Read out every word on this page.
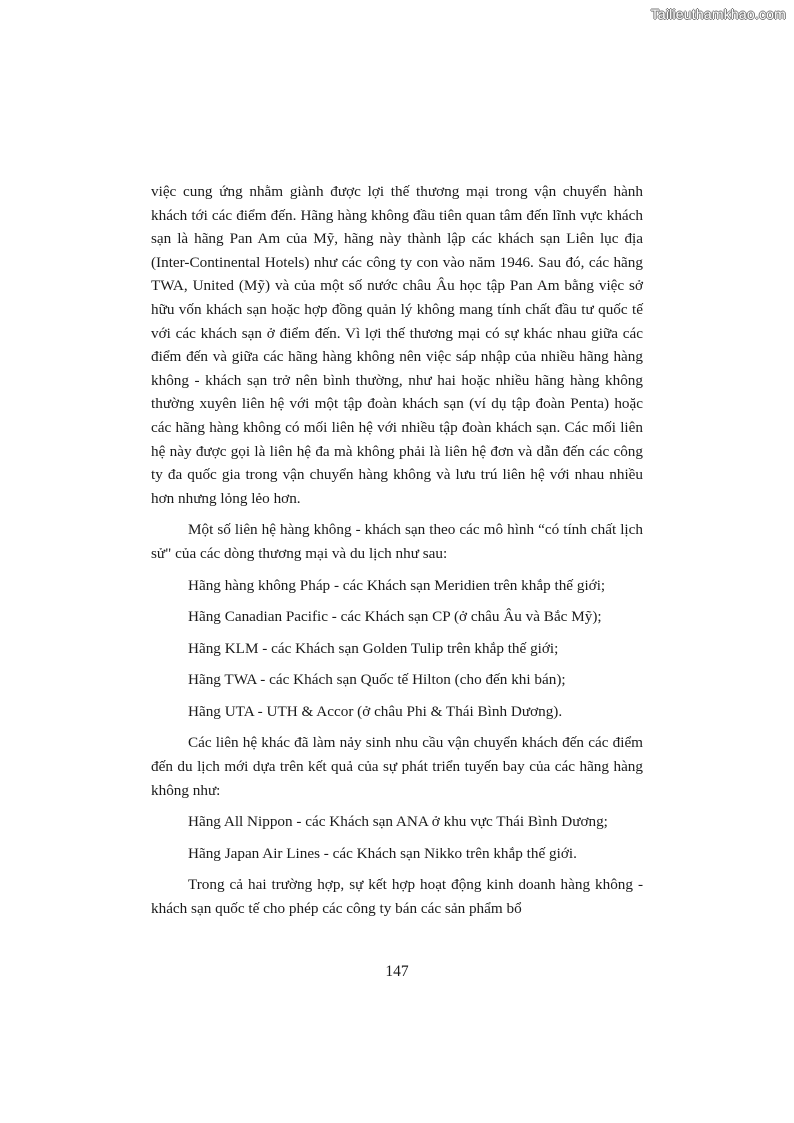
Tailieuthamkhao.com

việc cung ứng nhằm giành được lợi thế thương mại trong vận chuyển hành khách tới các điểm đến. Hãng hàng không đầu tiên quan tâm đến lĩnh vực khách sạn là hãng Pan Am của Mỹ, hãng này thành lập các khách sạn Liên lục địa (Inter-Continental Hotels) như các công ty con vào năm 1946. Sau đó, các hãng TWA, United (Mỹ) và của một số nước châu Âu học tập Pan Am bằng việc sở hữu vốn khách sạn hoặc hợp đồng quản lý không mang tính chất đầu tư quốc tế với các khách sạn ở điểm đến. Vì lợi thế thương mại có sự khác nhau giữa các điểm đến và giữa các hãng hàng không nên việc sáp nhập của nhiều hãng hàng không - khách sạn trở nên bình thường, như hai hoặc nhiều hãng hàng không thường xuyên liên hệ với một tập đoàn khách sạn (ví dụ tập đoàn Penta) hoặc các hãng hàng không có mối liên hệ với nhiều tập đoàn khách sạn. Các mối liên hệ này được gọi là liên hệ đa mà không phải là liên hệ đơn và dẫn đến các công ty đa quốc gia trong vận chuyển hàng không và lưu trú liên hệ với nhau nhiều hơn nhưng lỏng lẻo hơn.

Một số liên hệ hàng không - khách sạn theo các mô hình “có tính chất lịch sử" của các dòng thương mại và du lịch như sau:

Hãng hàng không Pháp - các Khách sạn Meridien trên khắp thế giới;
Hãng Canadian Pacific - các Khách sạn CP (ở châu Âu và Bắc Mỹ);
Hãng KLM - các Khách sạn Golden Tulip trên khắp thế giới;
Hãng TWA - các Khách sạn Quốc tế Hilton (cho đến khi bán);
Hãng UTA - UTH & Accor (ở châu Phi & Thái Bình Dương).

Các liên hệ khác đã làm nảy sinh nhu cầu vận chuyển khách đến các điểm đến du lịch mới dựa trên kết quả của sự phát triển tuyến bay của các hãng hàng không như:

Hãng All Nippon - các Khách sạn ANA ở khu vực Thái Bình Dương;
Hãng Japan Air Lines - các Khách sạn Nikko trên khắp thế giới.

Trong cả hai trường hợp, sự kết hợp hoạt động kinh doanh hàng không - khách sạn quốc tế cho phép các công ty bán các sản phẩm bổ

147
